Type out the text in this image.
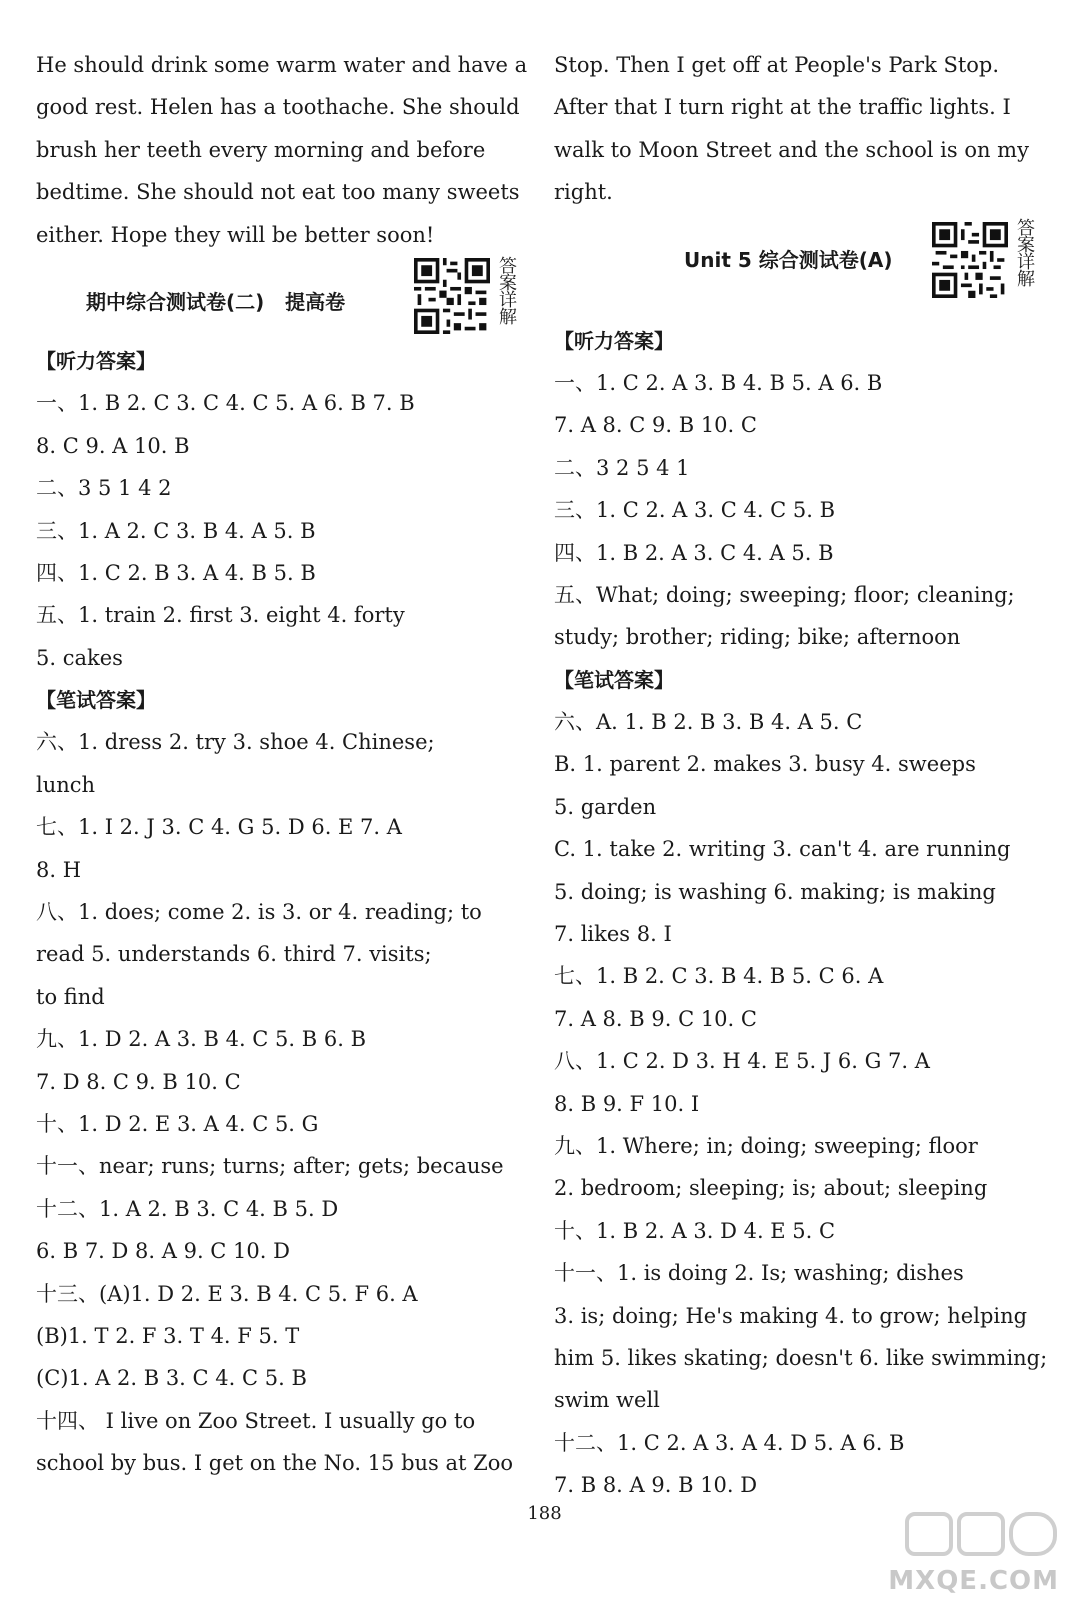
He should drink some warm water and have a

good rest. Helen has a toothache. She should

brush her teeth every morning and before

bedtime. She should not eat too many sweets

either. Hope they will be better soon!

期中综合测试卷(二)   提高卷	答案详解

【听力答案】

一、1. B 2. C 3. C 4. C 5. A 6. B 7. B

8. C 9. A 10. B

二、3 5 1 4 2

三、1. A 2. C 3. B 4. A 5. B

四、1. C 2. B 3. A 4. B 5. B

五、1. train 2. first 3. eight 4. forty

5. cakes

【笔试答案】

六、1. dress 2. try 3. shoe 4. Chinese;

lunch

七、1. I 2. J 3. C 4. G 5. D 6. E 7. A

8. H

八、1. does; come 2. is 3. or 4. reading; to

read 5. understands 6. third 7. visits;

to find

九、1. D 2. A 3. B 4. C 5. B 6. B

7. D 8. C 9. B 10. C

十、1. D 2. E 3. A 4. C 5. G

十一、near; runs; turns; after; gets; because

十二、1. A 2. B 3. C 4. B 5. D

6. B 7. D 8. A 9. C 10. D

十三、(A)1. D 2. E 3. B 4. C 5. F 6. A

(B)1. T 2. F 3. T 4. F 5. T

(C)1. A 2. B 3. C 4. C 5. B

十四、 I live on Zoo Street. I usually go to

school by bus. I get on the No. 15 bus at Zoo

Stop. Then I get off at People's Park Stop.

After that I turn right at the traffic lights. I

walk to Moon Street and the school is on my

right.

Unit 5 综合测试卷(A)	答案详解

【听力答案】

一、1. C 2. A 3. B 4. B 5. A 6. B

7. A 8. C 9. B 10. C

二、3 2 5 4 1

三、1. C 2. A 3. C 4. C 5. B

四、1. B 2. A 3. C 4. A 5. B

五、What; doing; sweeping; floor; cleaning;

study; brother; riding; bike; afternoon

【笔试答案】

六、A. 1. B 2. B 3. B 4. A 5. C

B. 1. parent 2. makes 3. busy 4. sweeps

5. garden

C. 1. take 2. writing 3. can't 4. are running

5. doing; is washing 6. making; is making

7. likes 8. I

七、1. B 2. C 3. B 4. B 5. C 6. A

7. A 8. B 9. C 10. C

八、1. C 2. D 3. H 4. E 5. J 6. G 7. A

8. B 9. F 10. I

九、1. Where; in; doing; sweeping; floor

2. bedroom; sleeping; is; about; sleeping

十、1. B 2. A 3. D 4. E 5. C

十一、1. is doing 2. Is; washing; dishes

3. is; doing; He's making 4. to grow; helping

him 5. likes skating; doesn't 6. like swimming;

swim well

十二、1. C 2. A 3. A 4. D 5. A 6. B

7. B 8. A 9. B 10. D

188
MXQE.COM
